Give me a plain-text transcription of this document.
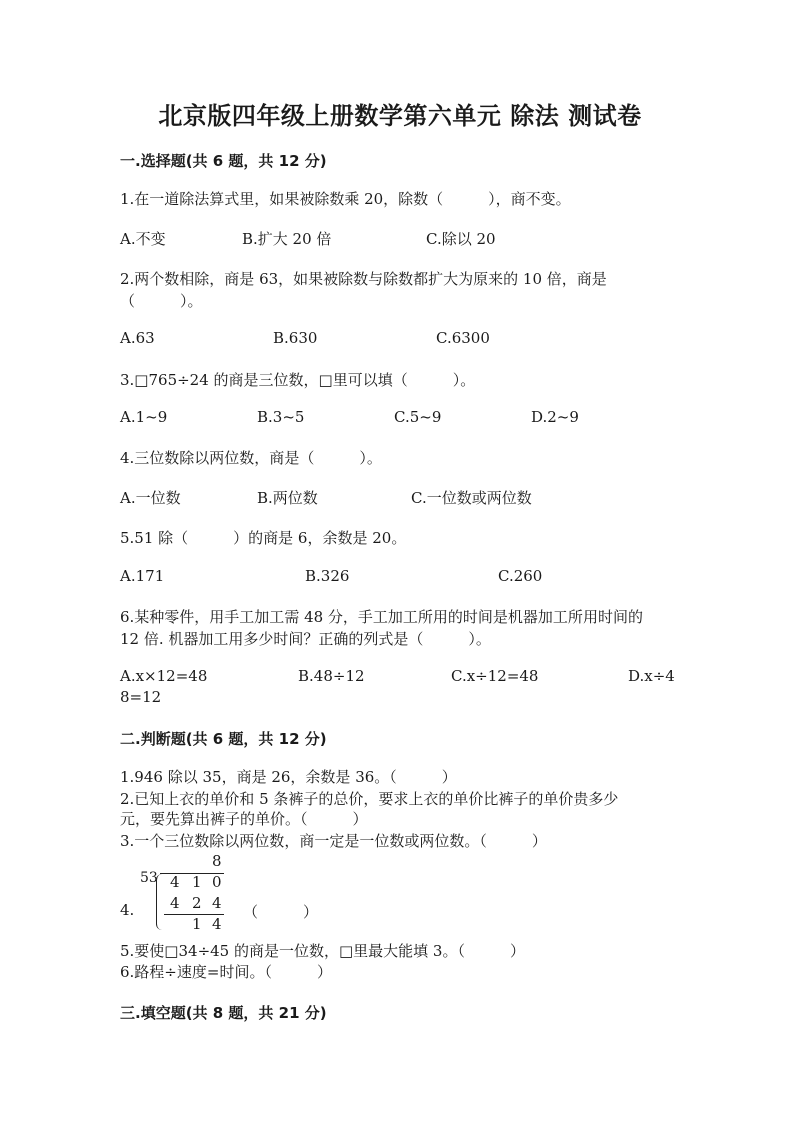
北京版四年级上册数学第六单元 除法 测试卷
一.选择题(共 6 题，共 12 分)
1.在一道除法算式里，如果被除数乘 20，除数（　　　），商不变。
A.不变	B.扩大 20 倍	C.除以 20
2.两个数相除，商是 63，如果被除数与除数都扩大为原来的 10 倍，商是
（　　　）。
A.63	B.630	C.6300
3.□765÷24 的商是三位数，□里可以填（　　　）。
A.1~9	B.3~5	C.5~9	D.2~9
4.三位数除以两位数，商是（　　　）。
A.一位数	B.两位数	C.一位数或两位数
5.51 除（　　　）的商是 6，余数是 20。
A.171	B.326	C.260
6.某种零件，用手工加工需 48 分，手工加工所用的时间是机器加工所用时间的
12 倍. 机器加工用多少时间？正确的列式是（　　　）。
A.x×12=48	B.48÷12	C.x÷12=48	D.x÷4
8=12
二.判断题(共 6 题，共 12 分)
1.946 除以 35，商是 26，余数是 36。（　　　）
2.已知上衣的单价和 5 条裤子的总价，要求上衣的单价比裤子的单价贵多少
元，要先算出裤子的单价。（　　　）
3.一个三位数除以两位数，商一定是一位数或两位数。（　　　）
4.
8
53 4 1 0
4 2 4
1 4
（　　　）
5.要使□34÷45 的商是一位数，□里最大能填 3。（　　　）
6.路程÷速度=时间。（　　　）
三.填空题(共 8 题，共 21 分)
